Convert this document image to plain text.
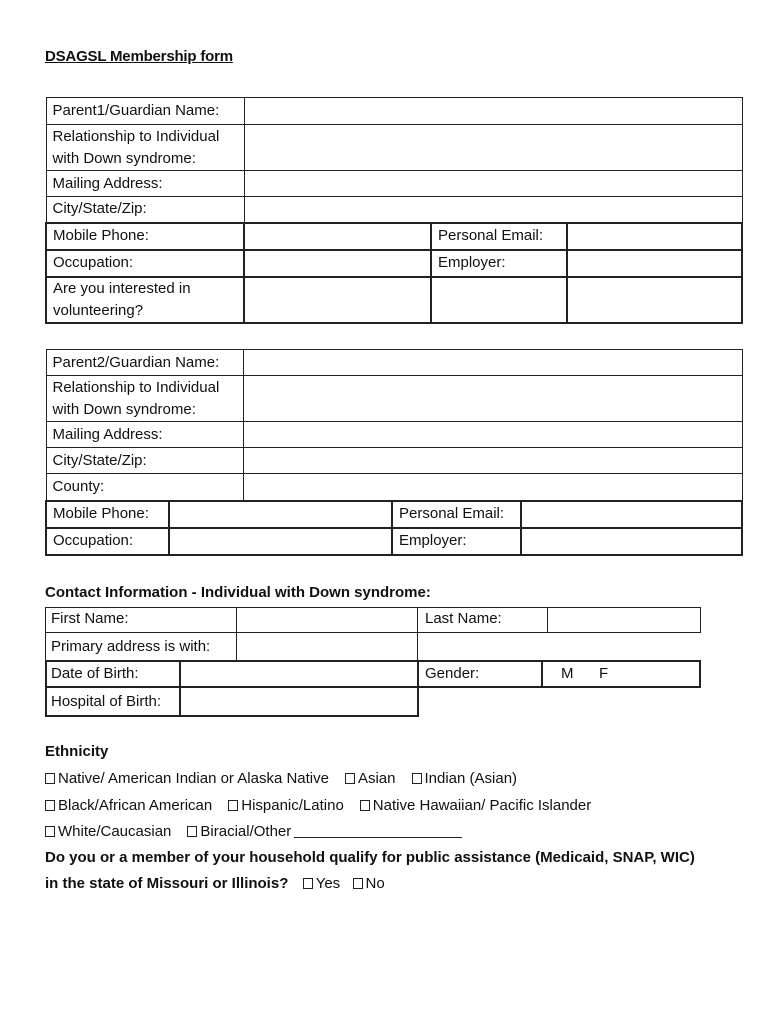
DSAGSL Membership form
Parent1/Guardian Name:			
Relationship to Individual with Down syndrome:			
Mailing Address:			
City/State/Zip:			
Mobile Phone:		Personal Email:	
Occupation:		Employer:	
Are you interested in volunteering?			
Parent2/Guardian Name:				
Relationship to Individual with Down syndrome:				
Mailing Address:				
City/State/Zip:				
County:				
Mobile Phone:			Personal Email:	
Occupation:			Employer:	
Contact Information - Individual with Down syndrome:
First Name:	Last Name:
Primary address is with:
Date of Birth:	Gender:	M F
Hospital of Birth:
Ethnicity
Native/ American Indian or Alaska Native Asian Indian (Asian)
Black/African American Hispanic/Latino Native Hawaiian/ Pacific Islander
White/Caucasian Biracial/Other
Do you or a member of your household qualify for public assistance (Medicaid, SNAP, WIC)
in the state of Missouri or Illinois? Yes No
